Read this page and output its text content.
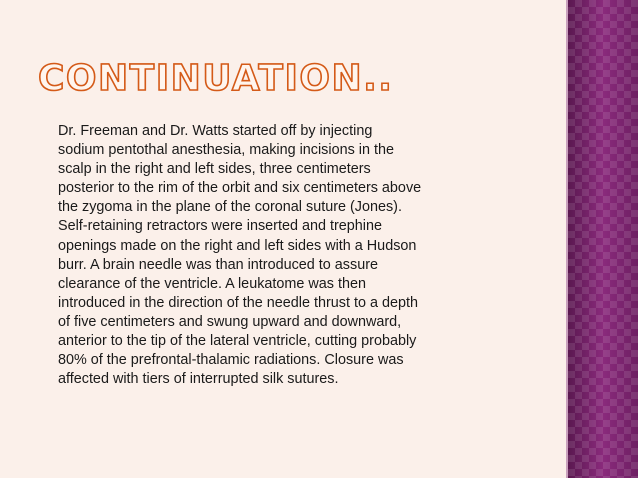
CONTINUATION..
Dr. Freeman and Dr. Watts started off by injecting
sodium pentothal anesthesia, making incisions in the
scalp in the right and left sides, three centimeters
posterior to the rim of the orbit and six centimeters above
the zygoma in the plane of the coronal suture (Jones).
Self-retaining retractors were inserted and trephine
openings made on the right and left sides with a Hudson
burr. A brain needle was than introduced to assure
clearance of the ventricle. A leukatome was then
introduced in the direction of the needle thrust to a depth
of five centimeters and swung upward and downward,
anterior to the tip of the lateral ventricle, cutting probably
80% of the prefrontal-thalamic radiations. Closure was
affected with tiers of interrupted silk sutures.
